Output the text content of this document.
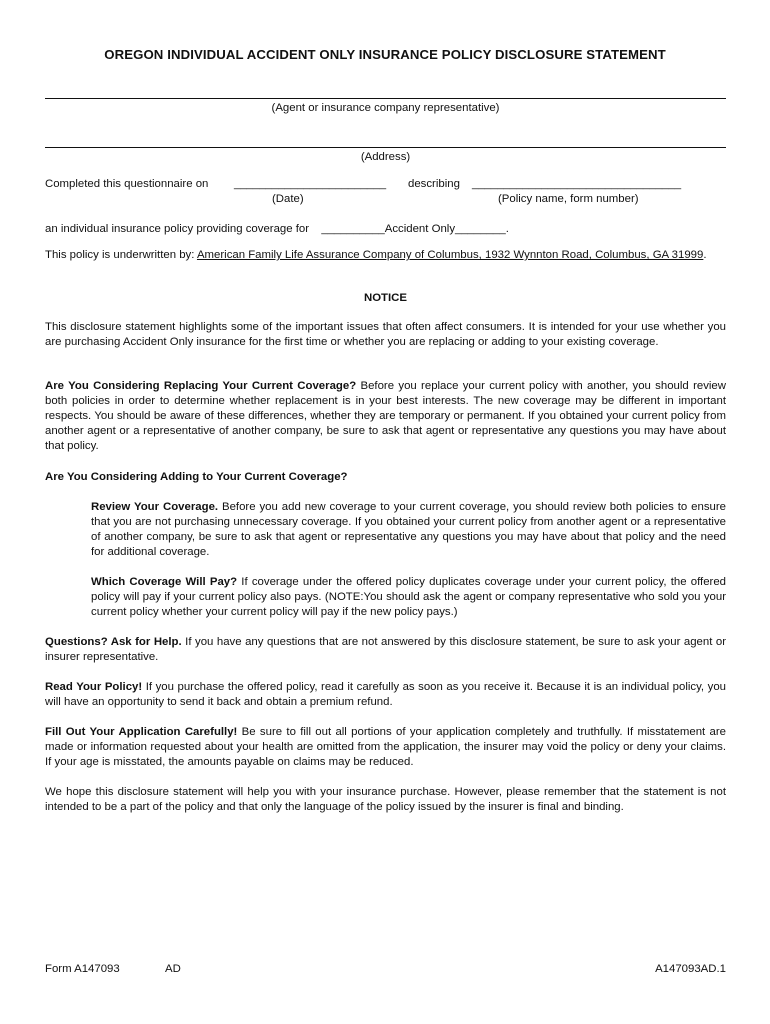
OREGON INDIVIDUAL ACCIDENT ONLY INSURANCE POLICY DISCLOSURE STATEMENT
(Agent or insurance company representative)
(Address)
Completed this questionnaire on ________________________ describing _________________________________
(Date)	(Policy name, form number)
an individual insurance policy providing coverage for __________Accident Only________.
This policy is underwritten by: American Family Life Assurance Company of Columbus, 1932 Wynnton Road, Columbus, GA 31999.
NOTICE
This disclosure statement highlights some of the important issues that often affect consumers. It is intended for your use whether you are purchasing Accident Only insurance for the first time or whether you are replacing or adding to your existing coverage.
Are You Considering Replacing Your Current Coverage? Before you replace your current policy with another, you should review both policies in order to determine whether replacement is in your best interests. The new coverage may be different in important respects. You should be aware of these differences, whether they are temporary or permanent. If you obtained your current policy from another agent or a representative of another company, be sure to ask that agent or representative any questions you may have about that policy.
Are You Considering Adding to Your Current Coverage?
Review Your Coverage. Before you add new coverage to your current coverage, you should review both policies to ensure that you are not purchasing unnecessary coverage. If you obtained your current policy from another agent or a representative of another company, be sure to ask that agent or representative any questions you may have about that policy and the need for additional coverage.
Which Coverage Will Pay? If coverage under the offered policy duplicates coverage under your current policy, the offered policy will pay if your current policy also pays. (NOTE:You should ask the agent or company representative who sold you your current policy whether your current policy will pay if the new policy pays.)
Questions? Ask for Help. If you have any questions that are not answered by this disclosure statement, be sure to ask your agent or insurer representative.
Read Your Policy! If you purchase the offered policy, read it carefully as soon as you receive it. Because it is an individual policy, you will have an opportunity to send it back and obtain a premium refund.
Fill Out Your Application Carefully! Be sure to fill out all portions of your application completely and truthfully. If misstatement are made or information requested about your health are omitted from the application, the insurer may void the policy or deny your claims. If your age is misstated, the amounts payable on claims may be reduced.
We hope this disclosure statement will help you with your insurance purchase. However, please remember that the statement is not intended to be a part of the policy and that only the language of the policy issued by the insurer is final and binding.
Form A147093	AD	A147093AD.1
